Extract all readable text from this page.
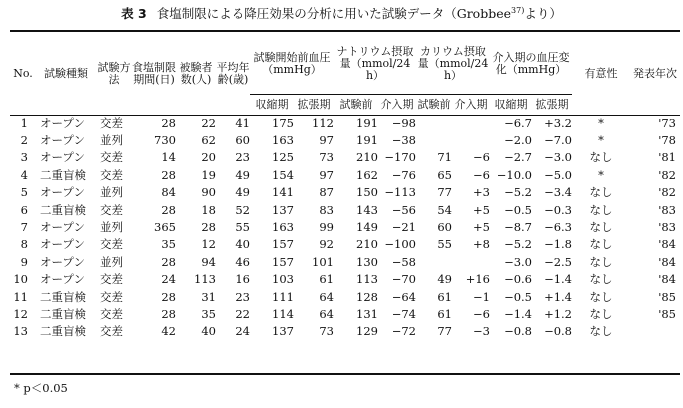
表 3 食塩制限による降圧効果の分析に用いた試験データ（Grobbee$^{37)}$より）
No.	試験種類	試験方法	食塩制限期間(日)	被験者数(人)	平均年齢(歳)	試験開始前血圧（mmHg）		ナトリウム摂取量（mmol/24 h）		カリウム摂取量（mmol/24 h）		介入期の血圧変化（mmHg）		有意性	発表年次
						収縮期	拡張期	試験前	介入期	試験前	介入期	収縮期	拡張期		
1	オープン	交差	28	22	41	175	112	191	−98			−6.7	+3.2	*	'73
2	オープン	並列	730	62	60	163	97	191	−38			−2.0	−7.0	*	'78
3	オープン	交差	14	20	23	125	73	210	−170	71	−6	−2.7	−3.0	なし	'81
4	二重盲検	交差	28	19	49	154	97	162	−76	65	−6	−10.0	−5.0	*	'82
5	オープン	並列	84	90	49	141	87	150	−113	77	+3	−5.2	−3.4	なし	'82
6	二重盲検	交差	28	18	52	137	83	143	−56	54	+5	−0.5	−0.3	なし	'83
7	オープン	並列	365	28	55	163	99	149	−21	60	+5	−8.7	−6.3	なし	'83
8	オープン	交差	35	12	40	157	92	210	−100	55	+8	−5.2	−1.8	なし	'84
9	オープン	並列	28	94	46	157	101	130	−58			−3.0	−2.5	なし	'84
10	オープン	交差	24	113	16	103	61	113	−70	49	+16	−0.6	−1.4	なし	'84
11	二重盲検	交差	28	31	23	111	64	128	−64	61	−1	−0.5	+1.4	なし	'85
12	二重盲検	交差	28	35	22	114	64	131	−74	61	−6	−1.4	+1.2	なし	'85
13	二重盲検	交差	42	40	24	137	73	129	−72	77	−3	−0.8	−0.8	なし	
* p＜0.05
